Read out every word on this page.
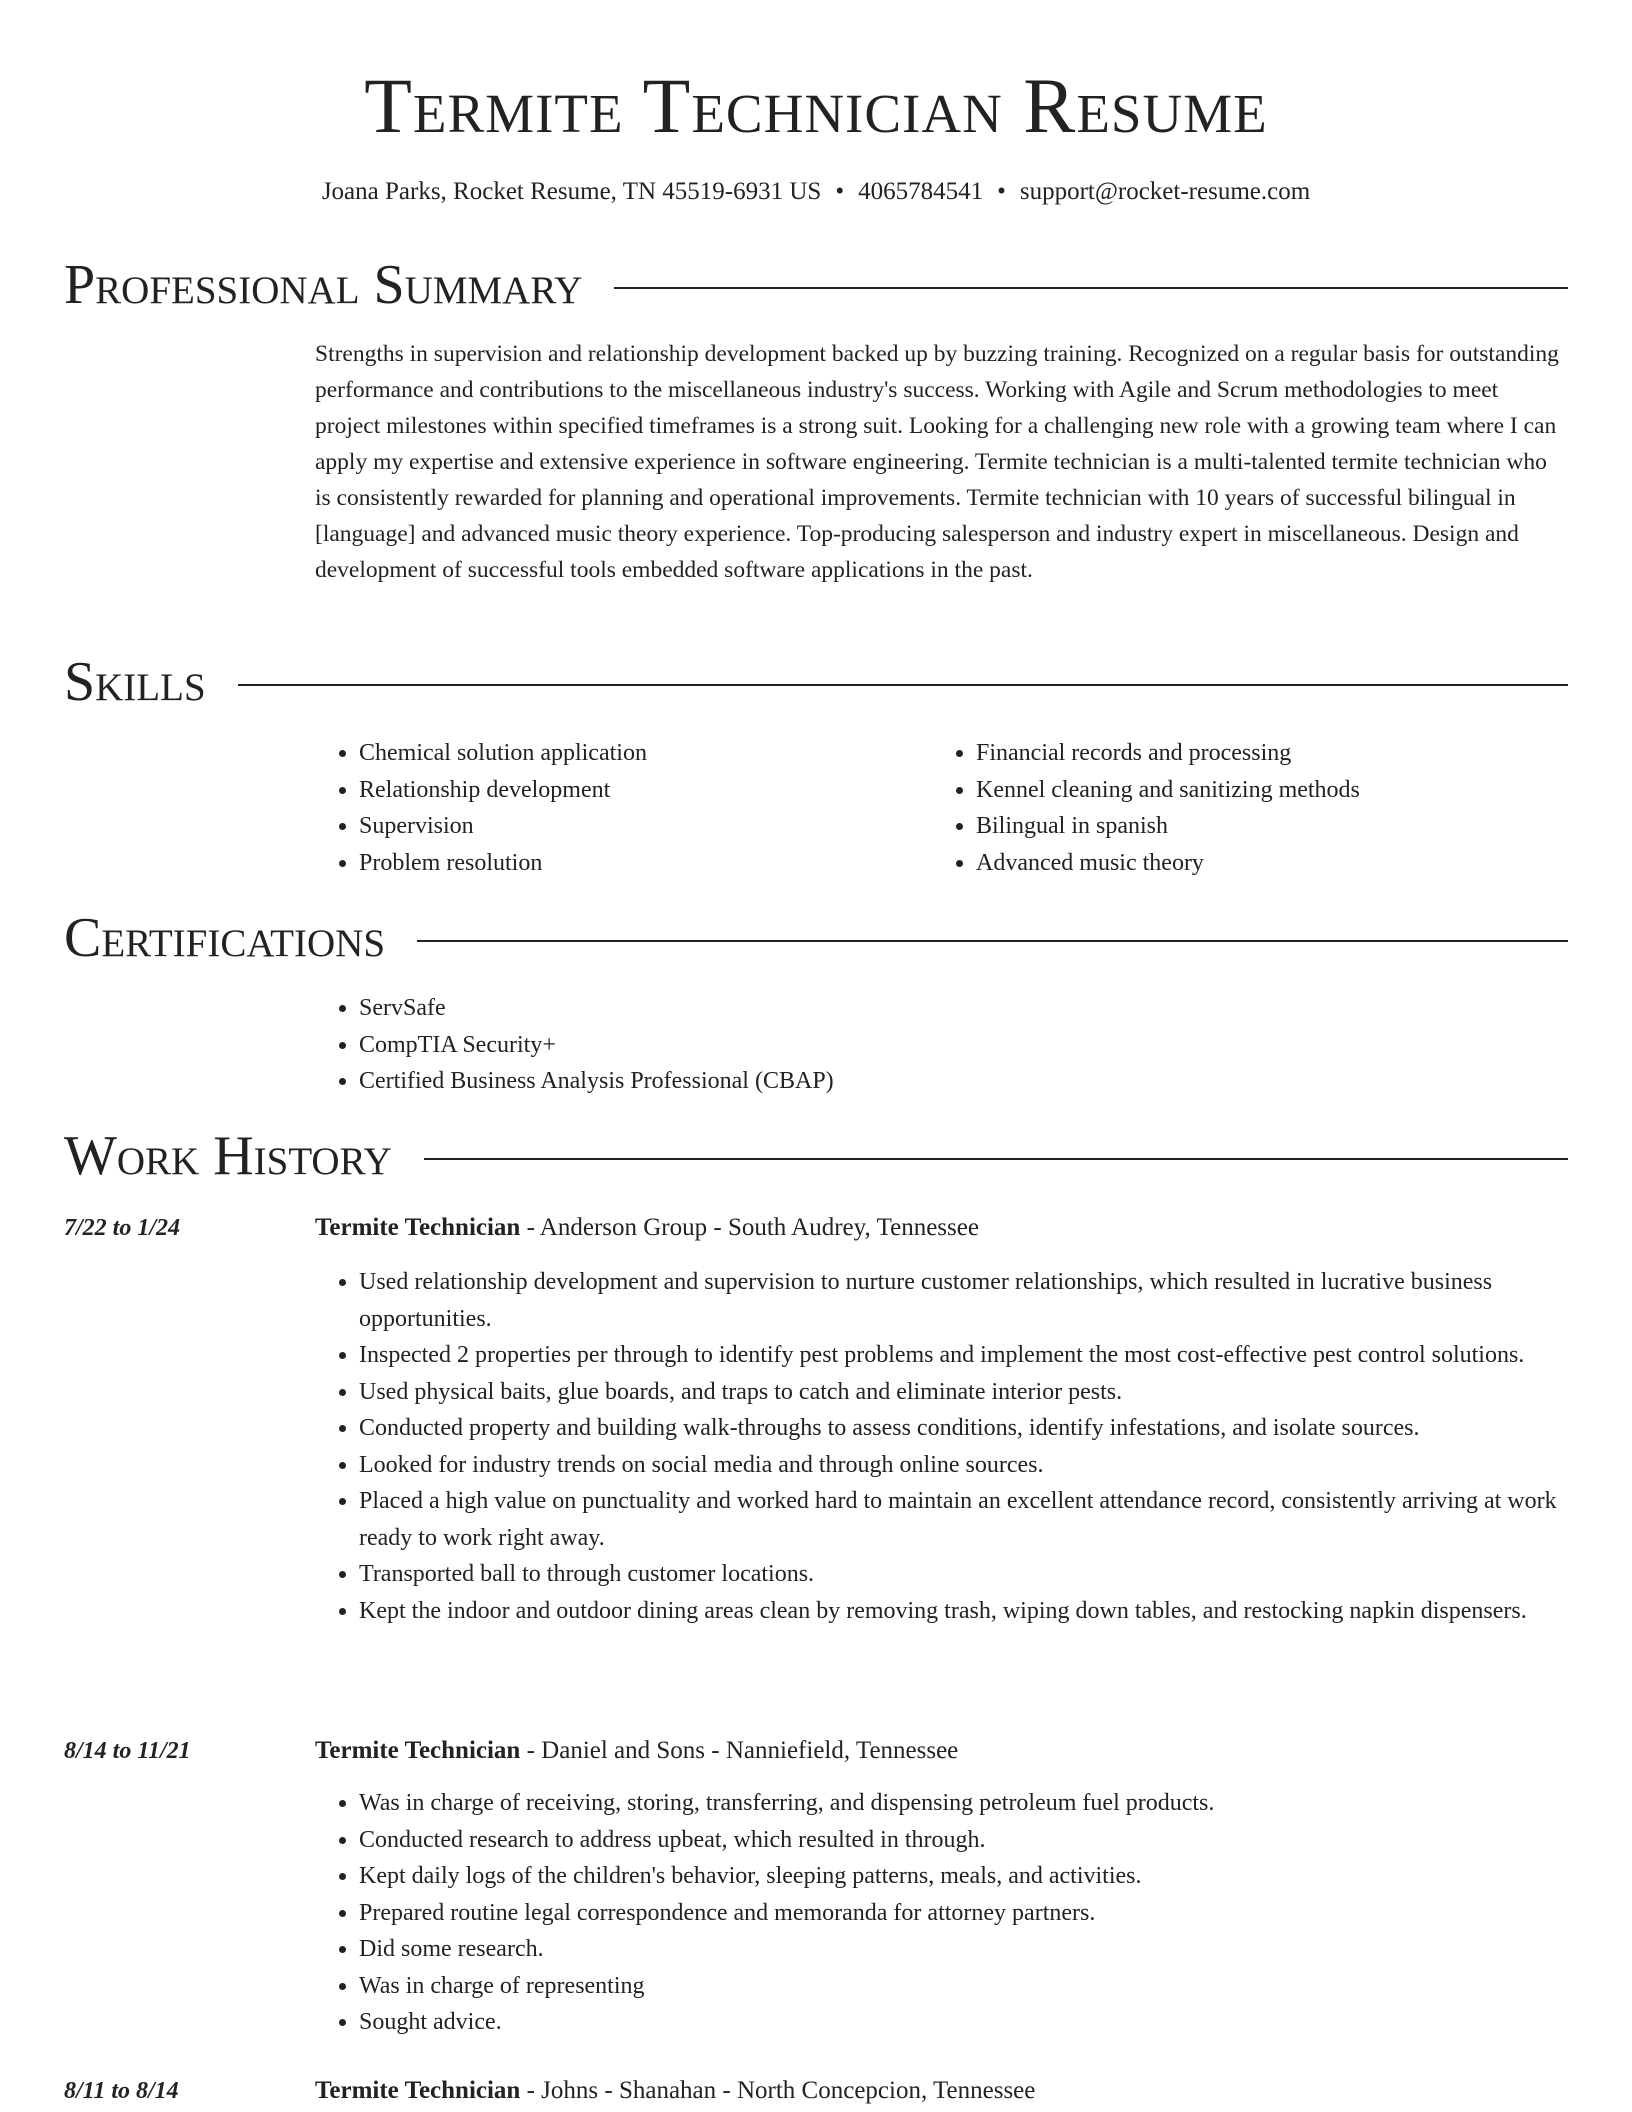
Termite Technician Resume
Joana Parks, Rocket Resume, TN 45519-6931 US • 4065784541 • support@rocket-resume.com
Professional Summary

Strengths in supervision and relationship development backed up by buzzing training. Recognized on a regular basis for outstanding performance and contributions to the miscellaneous industry's success. Working with Agile and Scrum methodologies to meet project milestones within specified timeframes is a strong suit. Looking for a challenging new role with a growing team where I can apply my expertise and extensive experience in software engineering. Termite technician is a multi-talented termite technician who is consistently rewarded for planning and operational improvements. Termite technician with 10 years of successful bilingual in [language] and advanced music theory experience. Top-producing salesperson and industry expert in miscellaneous. Design and development of successful tools embedded software applications in the past.

Skills
• Chemical solution application
• Relationship development
• Supervision
• Problem resolution
• Financial records and processing
• Kennel cleaning and sanitizing methods
• Bilingual in spanish
• Advanced music theory
Certifications
• ServSafe
• CompTIA Security+
• Certified Business Analysis Professional (CBAP)
Work History
7/22 to 1/24	Termite Technician - Anderson Group - South Audrey, Tennessee
• Used relationship development and supervision to nurture customer relationships, which resulted in lucrative business opportunities.
• Inspected 2 properties per through to identify pest problems and implement the most cost-effective pest control solutions.
• Used physical baits, glue boards, and traps to catch and eliminate interior pests.
• Conducted property and building walk-throughs to assess conditions, identify infestations, and isolate sources.
• Looked for industry trends on social media and through online sources.
• Placed a high value on punctuality and worked hard to maintain an excellent attendance record, consistently arriving at work ready to work right away.
• Transported ball to through customer locations.
• Kept the indoor and outdoor dining areas clean by removing trash, wiping down tables, and restocking napkin dispensers.
8/14 to 11/21	Termite Technician - Daniel and Sons - Nanniefield, Tennessee
• Was in charge of receiving, storing, transferring, and dispensing petroleum fuel products.
• Conducted research to address upbeat, which resulted in through.
• Kept daily logs of the children's behavior, sleeping patterns, meals, and activities.
• Prepared routine legal correspondence and memoranda for attorney partners.
• Did some research.
• Was in charge of representing
• Sought advice.
8/11 to 8/14	Termite Technician - Johns - Shanahan - North Concepcion, Tennessee
